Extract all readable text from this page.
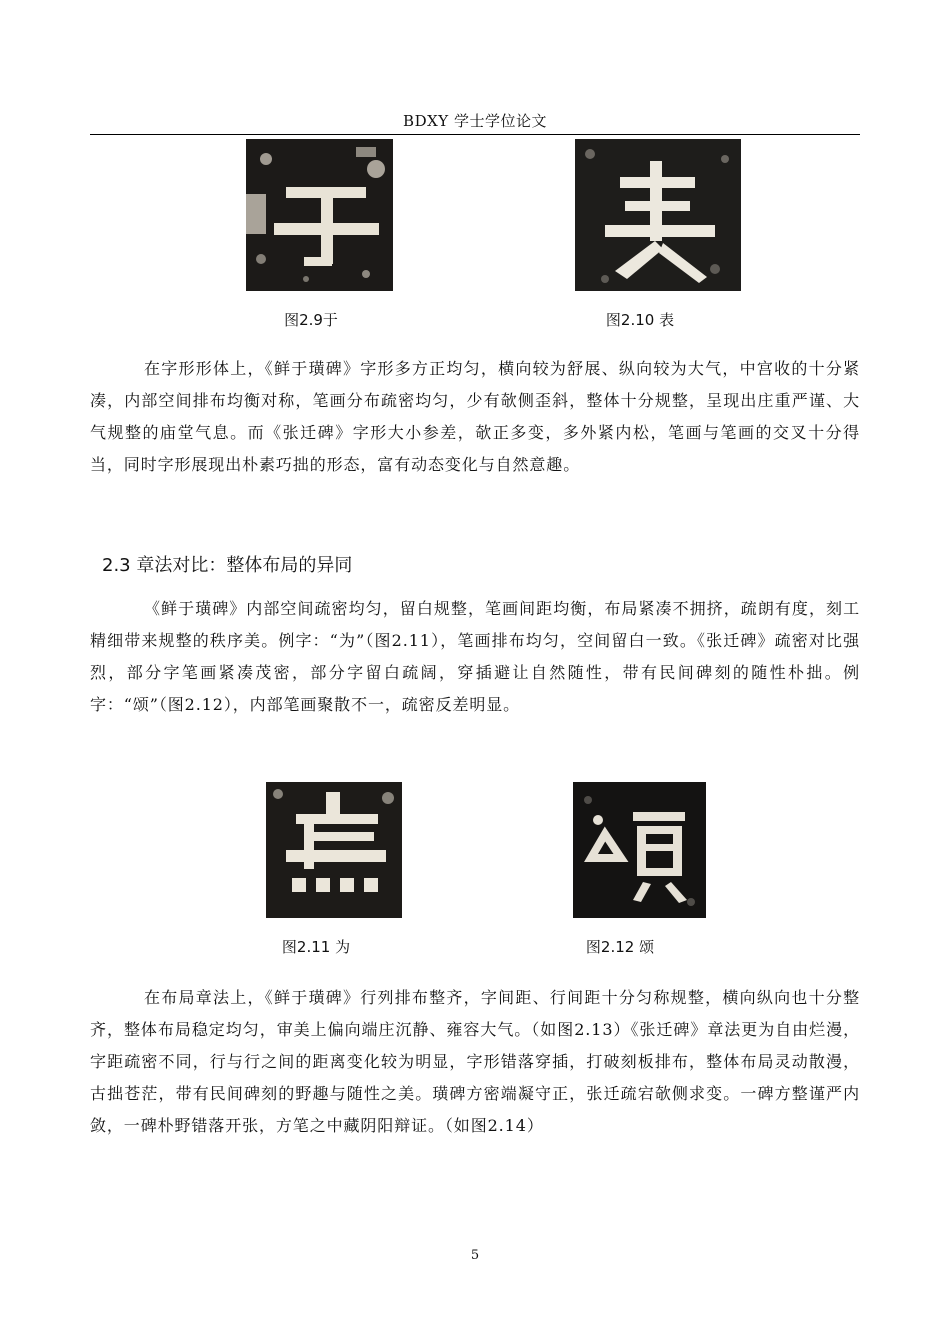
BDXY 学士学位论文
图2.9于	图2.10 表

在字形形体上，《鲜于璜碑》字形多方正均匀，横向较为舒展、纵向较为大气，中宫收的十分紧凑，内部空间排布均衡对称，笔画分布疏密均匀，少有欹侧歪斜，整体十分规整，呈现出庄重严谨、大气规整的庙堂气息。而《张迁碑》字形大小参差，欹正多变，多外紧内松，笔画与笔画的交叉十分得当，同时字形展现出朴素巧拙的形态，富有动态变化与自然意趣。

2.3 章法对比：整体布局的异同

《鲜于璜碑》内部空间疏密均匀，留白规整，笔画间距均衡，布局紧凑不拥挤，疏朗有度，刻工精细带来规整的秩序美。例字：“为”（图2.11），笔画排布均匀，空间留白一致。《张迁碑》疏密对比强烈，部分字笔画紧凑茂密，部分字留白疏阔，穿插避让自然随性，带有民间碑刻的随性朴拙。例字：“颂”（图2.12），内部笔画聚散不一，疏密反差明显。

图2.11 为	图2.12 颂

在布局章法上，《鲜于璜碑》行列排布整齐，字间距、行间距十分匀称规整，横向纵向也十分整齐，整体布局稳定均匀，审美上偏向端庄沉静、雍容大气。（如图2.13）《张迁碑》章法更为自由烂漫，字距疏密不同，行与行之间的距离变化较为明显，字形错落穿插，打破刻板排布，整体布局灵动散漫，古拙苍茫，带有民间碑刻的野趣与随性之美。璜碑方密端凝守正，张迁疏宕欹侧求变。一碑方整谨严内敛，一碑朴野错落开张，方笔之中藏阴阳辩证。（如图2.14）

5
